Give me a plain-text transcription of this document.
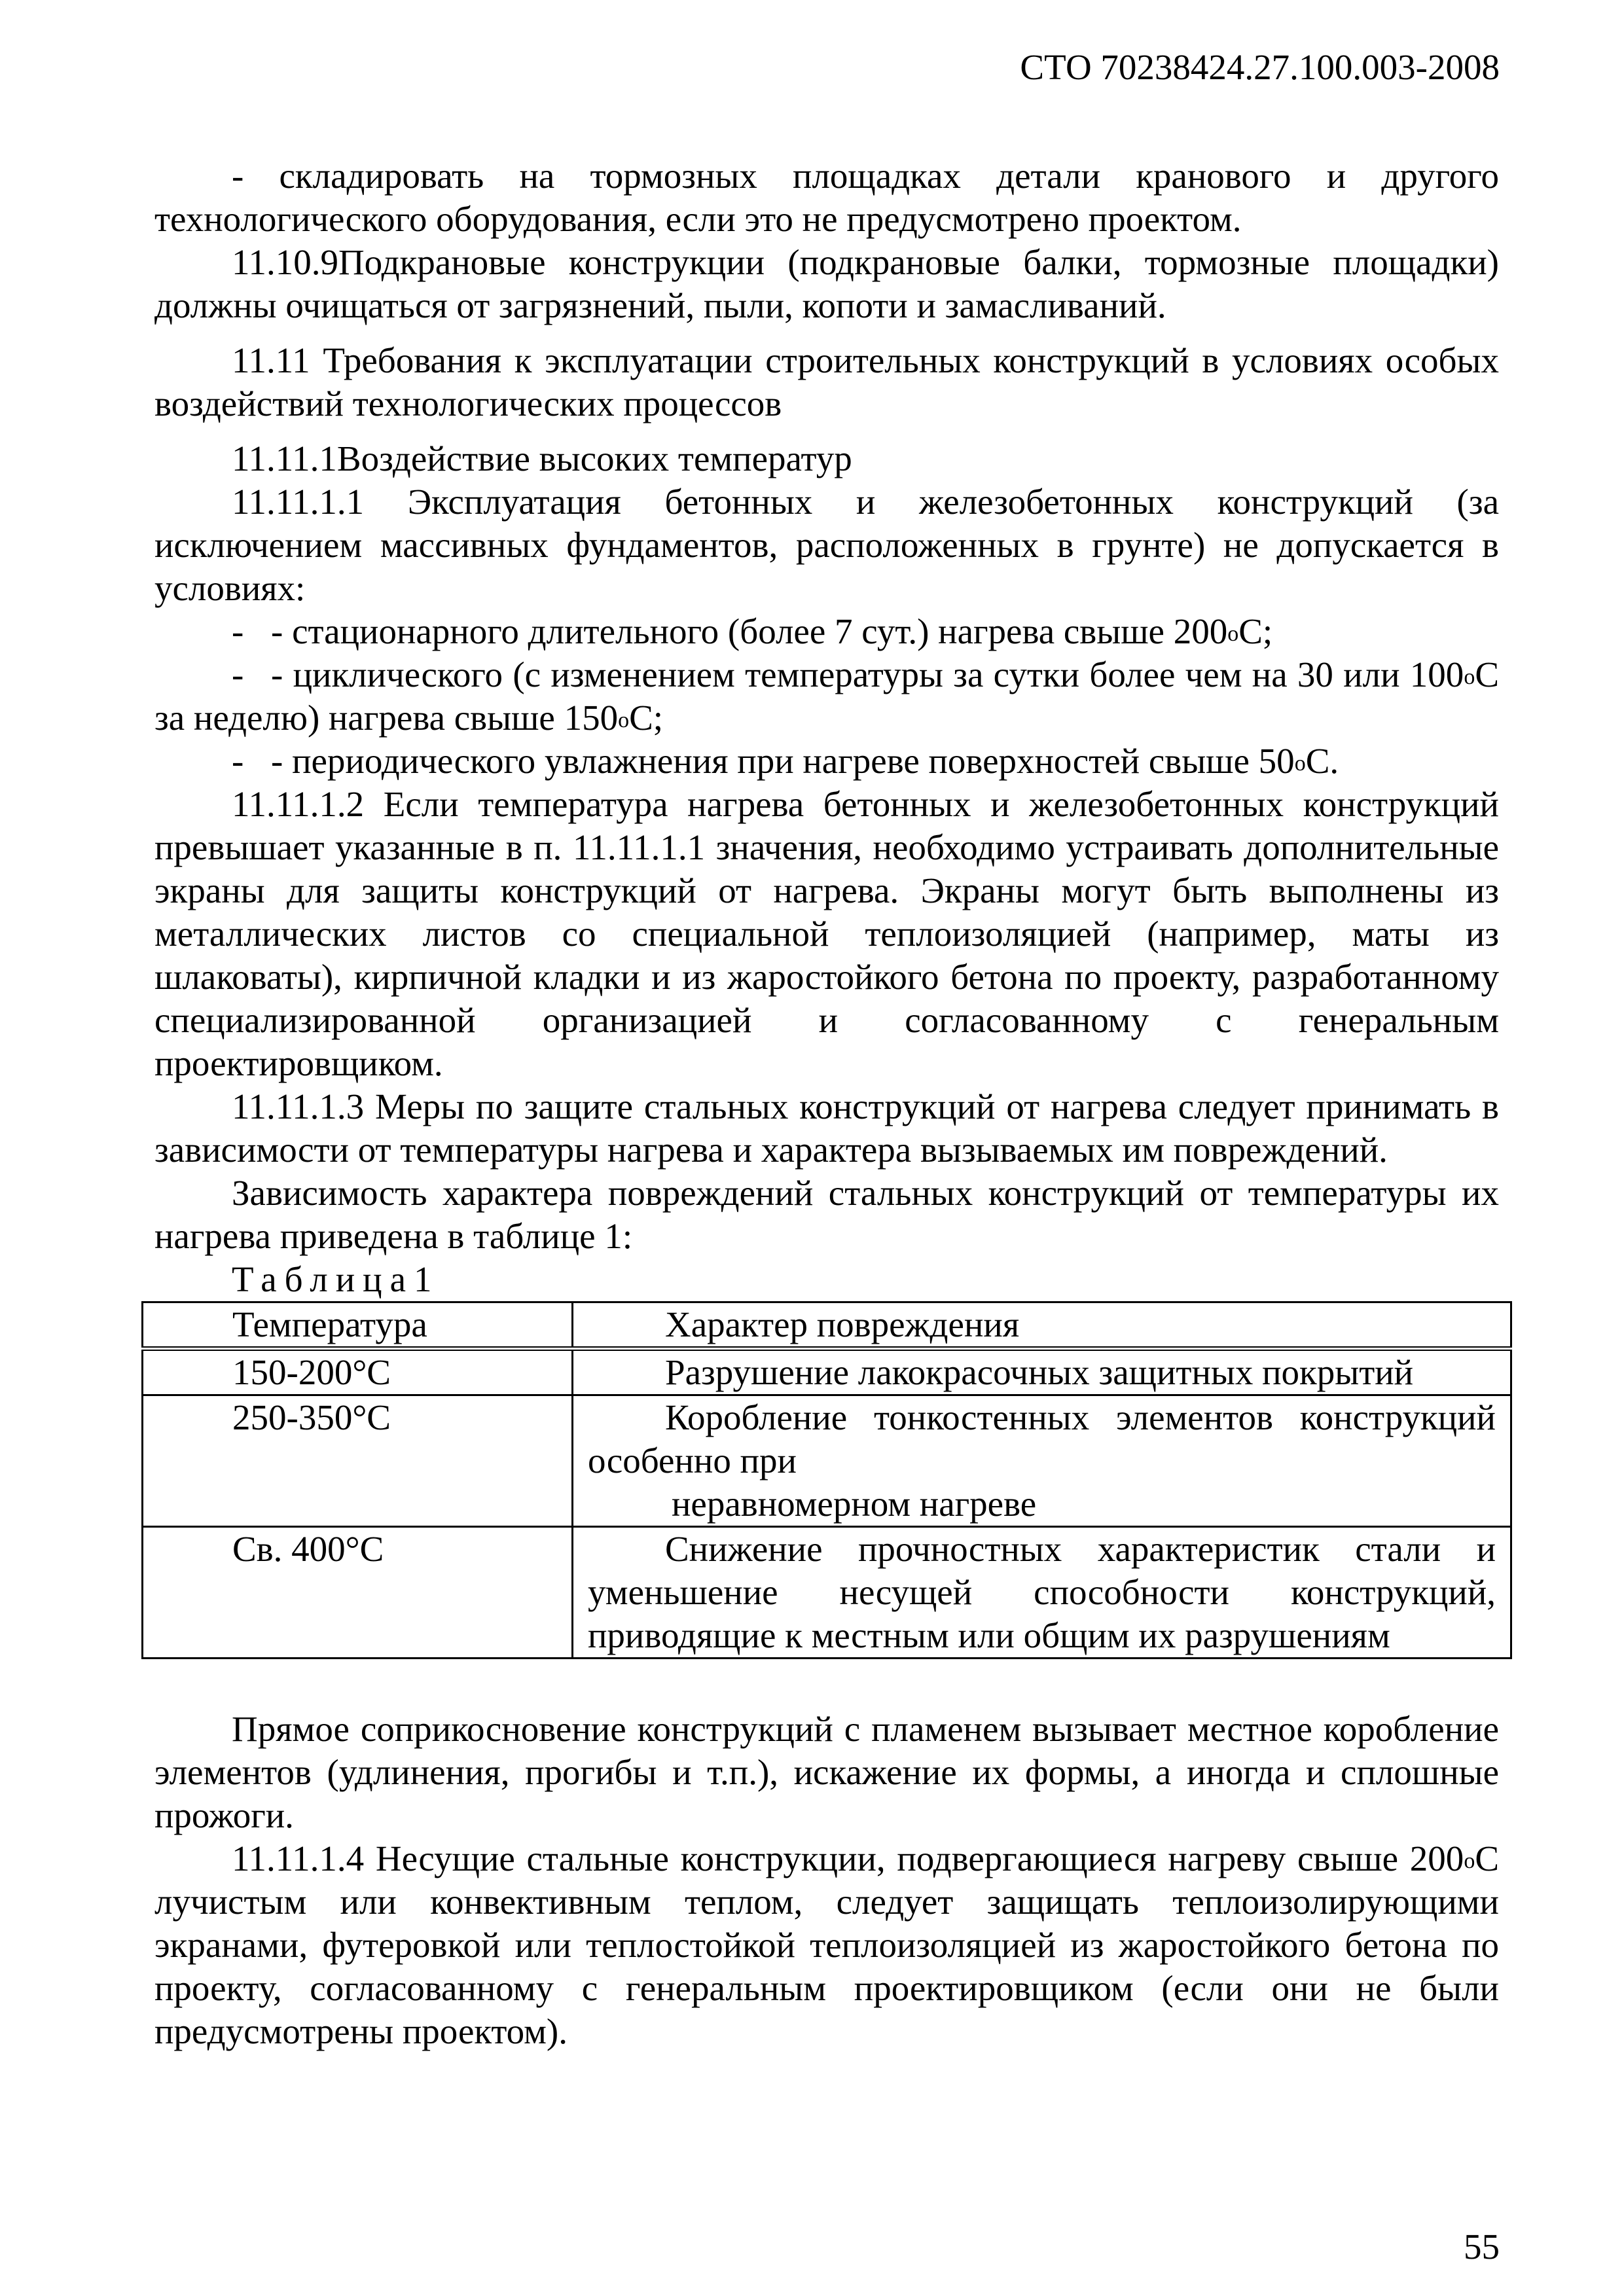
СТО 70238424.27.100.003-2008

- складировать на тормозных площадках детали кранового и другого технологического оборудования, если это не предусмотрено проектом.

11.10.9Подкрановые конструкции (подкрановые балки, тормозные площадки) должны очищаться от загрязнений, пыли, копоти и замасливаний.

11.11 Требования к эксплуатации строительных конструкций в условиях особых воздействий технологических процессов

11.11.1Воздействие высоких температур

11.11.1.1 Эксплуатация бетонных и железобетонных конструкций (за исключением массивных фундаментов, расположенных в грунте) не допускается в условиях:

- - стационарного длительного (более 7 сут.) нагрева свыше $200^оС$;

- - циклического (с изменением температуры за сутки более чем на 30 или $100^оС$ за неделю) нагрева свыше $150^оС$;

- - периодического увлажнения при нагреве поверхностей свыше $50^оС$.

11.11.1.2 Если температура нагрева бетонных и железобетонных конструкций превышает указанные в п. 11.11.1.1 значения, необходимо устраивать дополнительные экраны для защиты конструкций от нагрева. Экраны могут быть выполнены из металлических листов со специальной теплоизоляцией (например, маты из шлаковаты), кирпичной кладки и из жаростойкого бетона по проекту, разработанному специализированной организацией и согласованному с генеральным проектировщиком.

11.11.1.3 Меры по защите стальных конструкций от нагрева следует принимать в зависимости от температуры нагрева и характера вызываемых им повреждений.

Зависимость характера повреждений стальных конструкций от температуры их нагрева приведена в таблице 1:

Таблица1
Температура	Характер повреждения

150-200°С	Разрушение лакокрасочных защитных покрытий

250-350°С	Коробление тонкостенных элементов конструкций особенно при
неравномерном нагреве

Св. 400°С	Снижение прочностных характеристик стали и уменьшение несущей способности конструкций, приводящие к местным или общим их разрушениям

Прямое соприкосновение конструкций с пламенем вызывает местное коробление элементов (удлинения, прогибы и т.п.), искажение их формы, а иногда и сплошные прожоги.

11.11.1.4 Несущие стальные конструкции, подвергающиеся нагреву свыше $200^оС$ лучистым или конвективным теплом, следует защищать теплоизолирующими экранами, футеровкой или теплостойкой теплоизоляцией из жаростойкого бетона по проекту, согласованному с генеральным проектировщиком (если они не были предусмотрены проектом).

55
